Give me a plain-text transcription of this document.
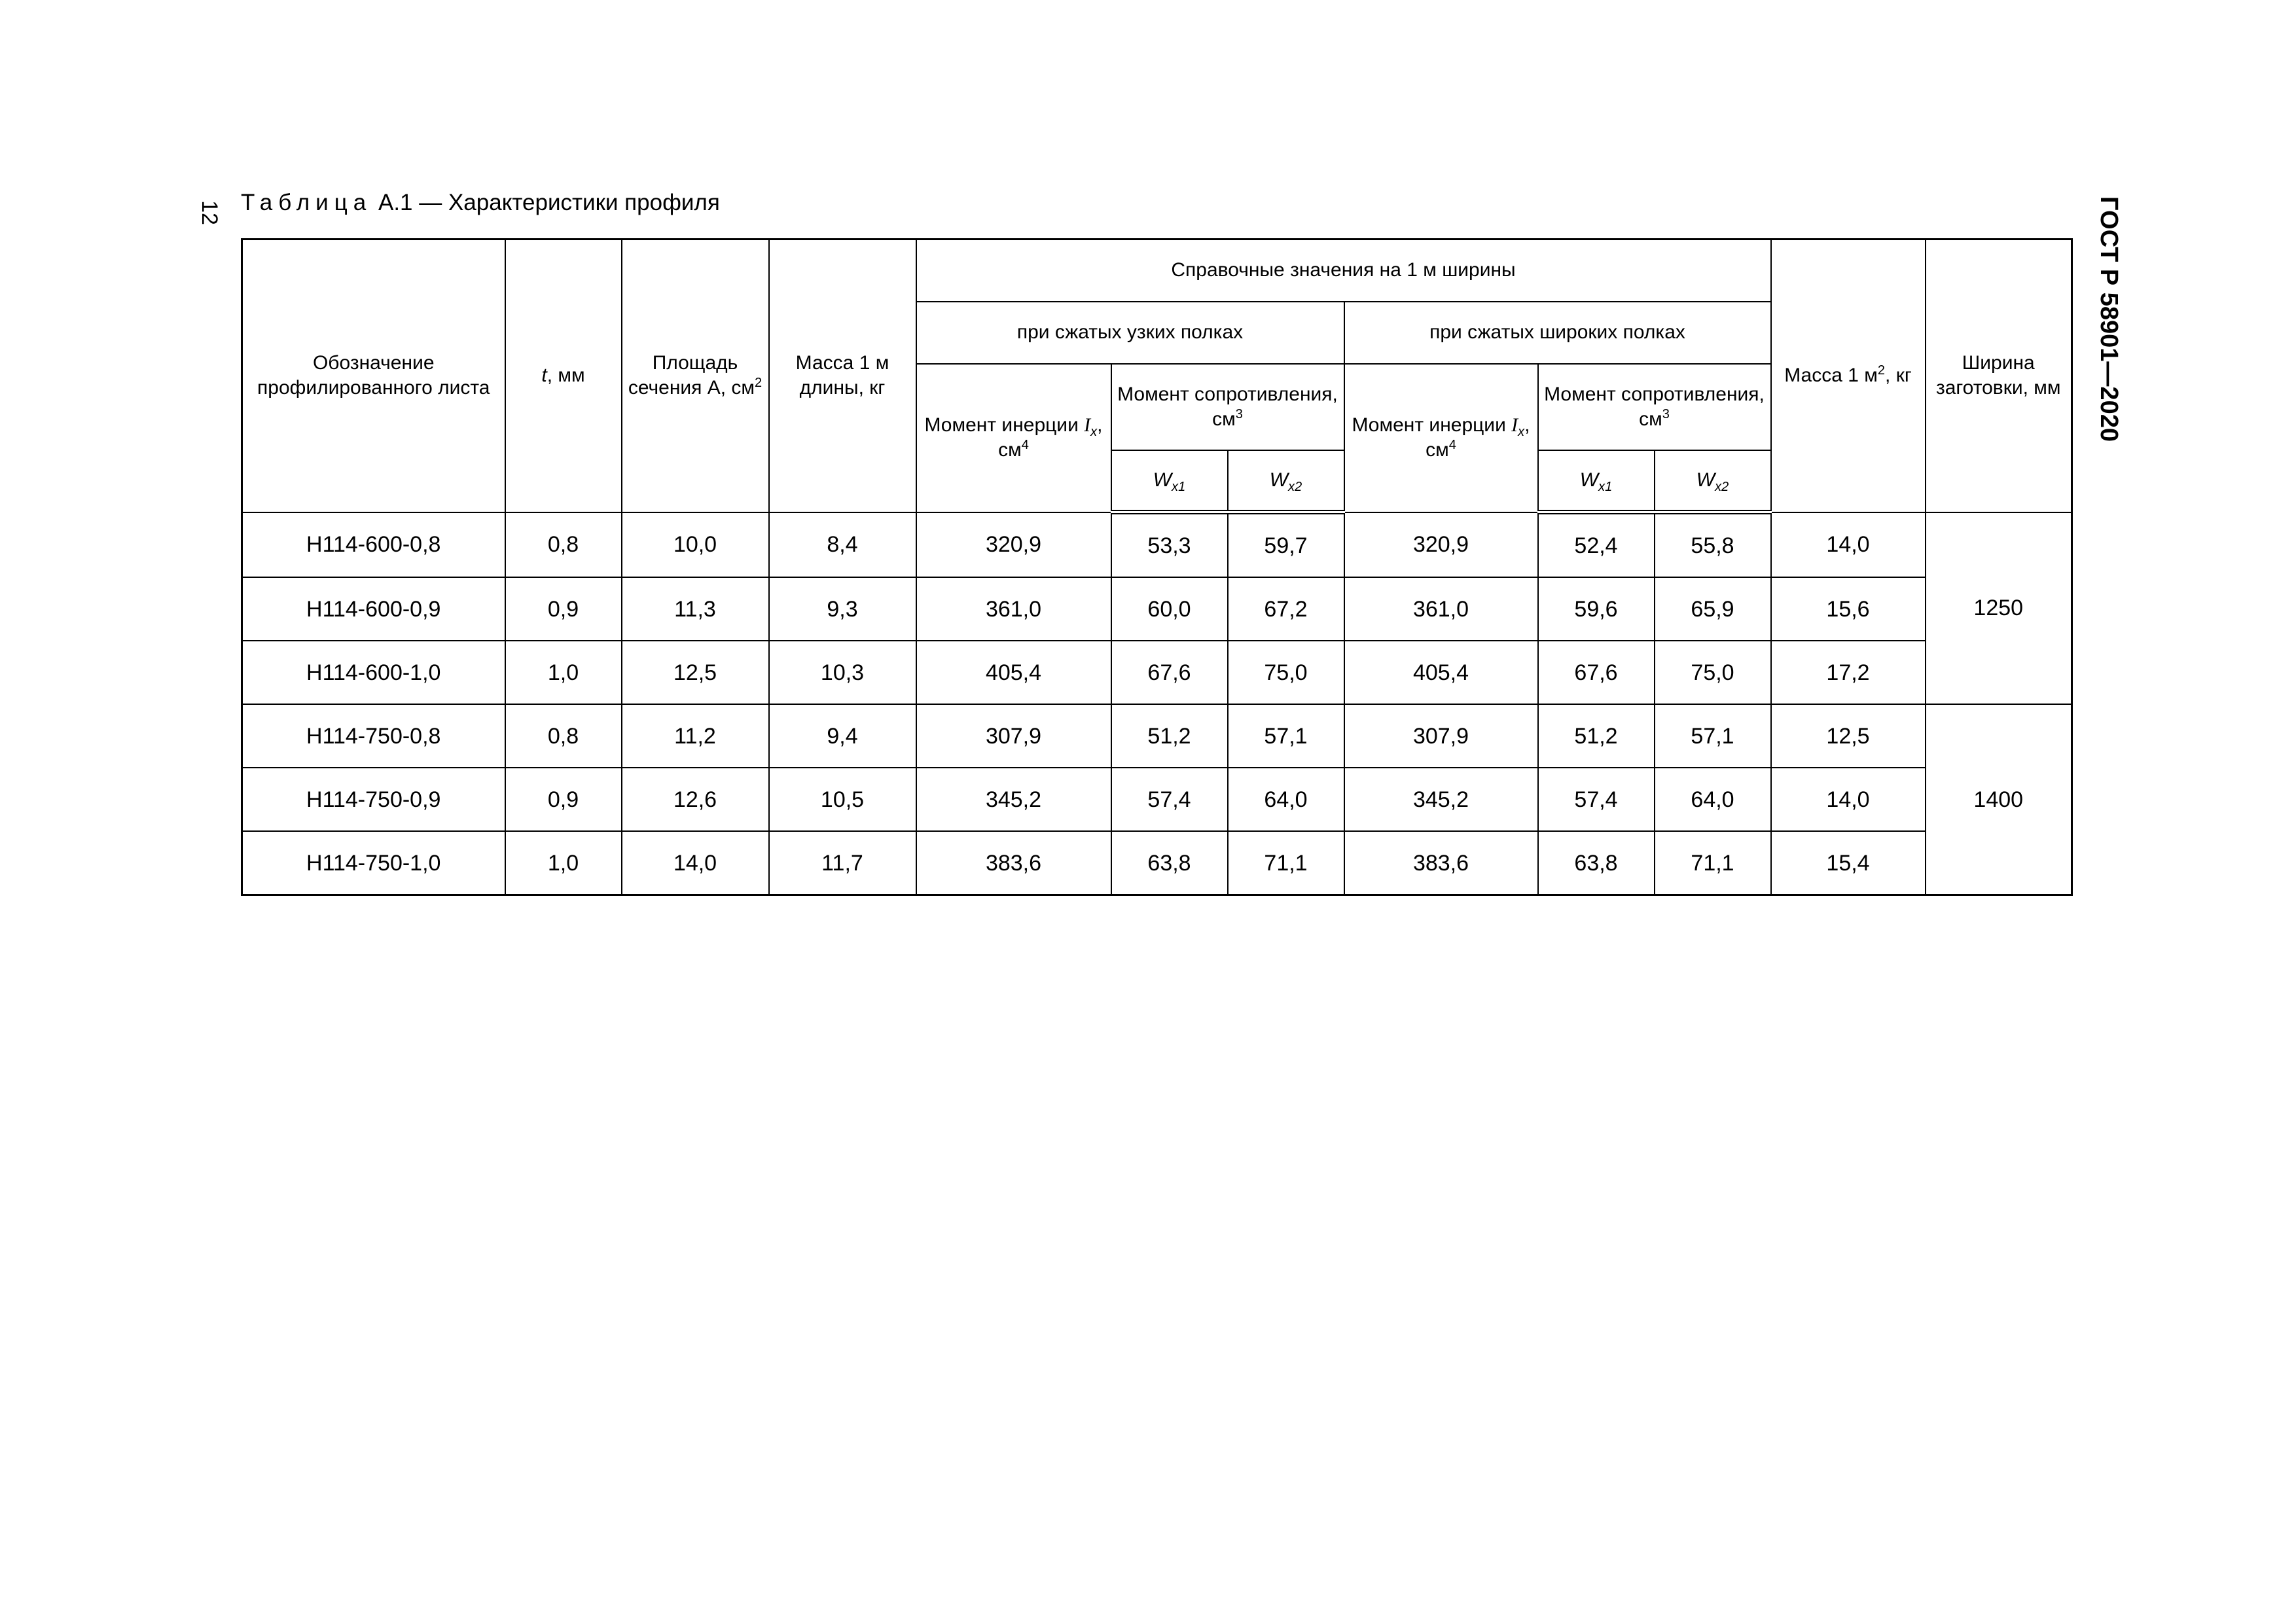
12	ГОСТ Р 58901—2020
Таблица А.1 — Характеристики профиля
Обозначение профилированного листа	t, мм	Площадь сечения А, $см^2$	Масса 1 м длины, кг	Справочные значения на 1 м ширины						Масса 1 $м^2$, кг	Ширина заготовки, мм
				при сжатых узких полках			при сжатых широких полках				
				Момент инерции $I_x$, $см^4$	Момент сопротивления, $см^3$		Момент инерции $I_x$, $см^4$	Момент сопротивления, $см^3$
					$W_{x1}$	$W_{x2}$		$W_{x1}$	$W_{x2}$
Н114-600-0,8	0,8	10,0	8,4	320,9	53,3	59,7	320,9	52,4	55,8	14,0	1250
Н114-600-0,9	0,9	11,3	9,3	361,0	60,0	67,2	361,0	59,6	65,9	15,6	
Н114-600-1,0	1,0	12,5	10,3	405,4	67,6	75,0	405,4	67,6	75,0	17,2	
Н114-750-0,8	0,8	11,2	9,4	307,9	51,2	57,1	307,9	51,2	57,1	12,5	1400
Н114-750-0,9	0,9	12,6	10,5	345,2	57,4	64,0	345,2	57,4	64,0	14,0	
Н114-750-1,0	1,0	14,0	11,7	383,6	63,8	71,1	383,6	63,8	71,1	15,4	
